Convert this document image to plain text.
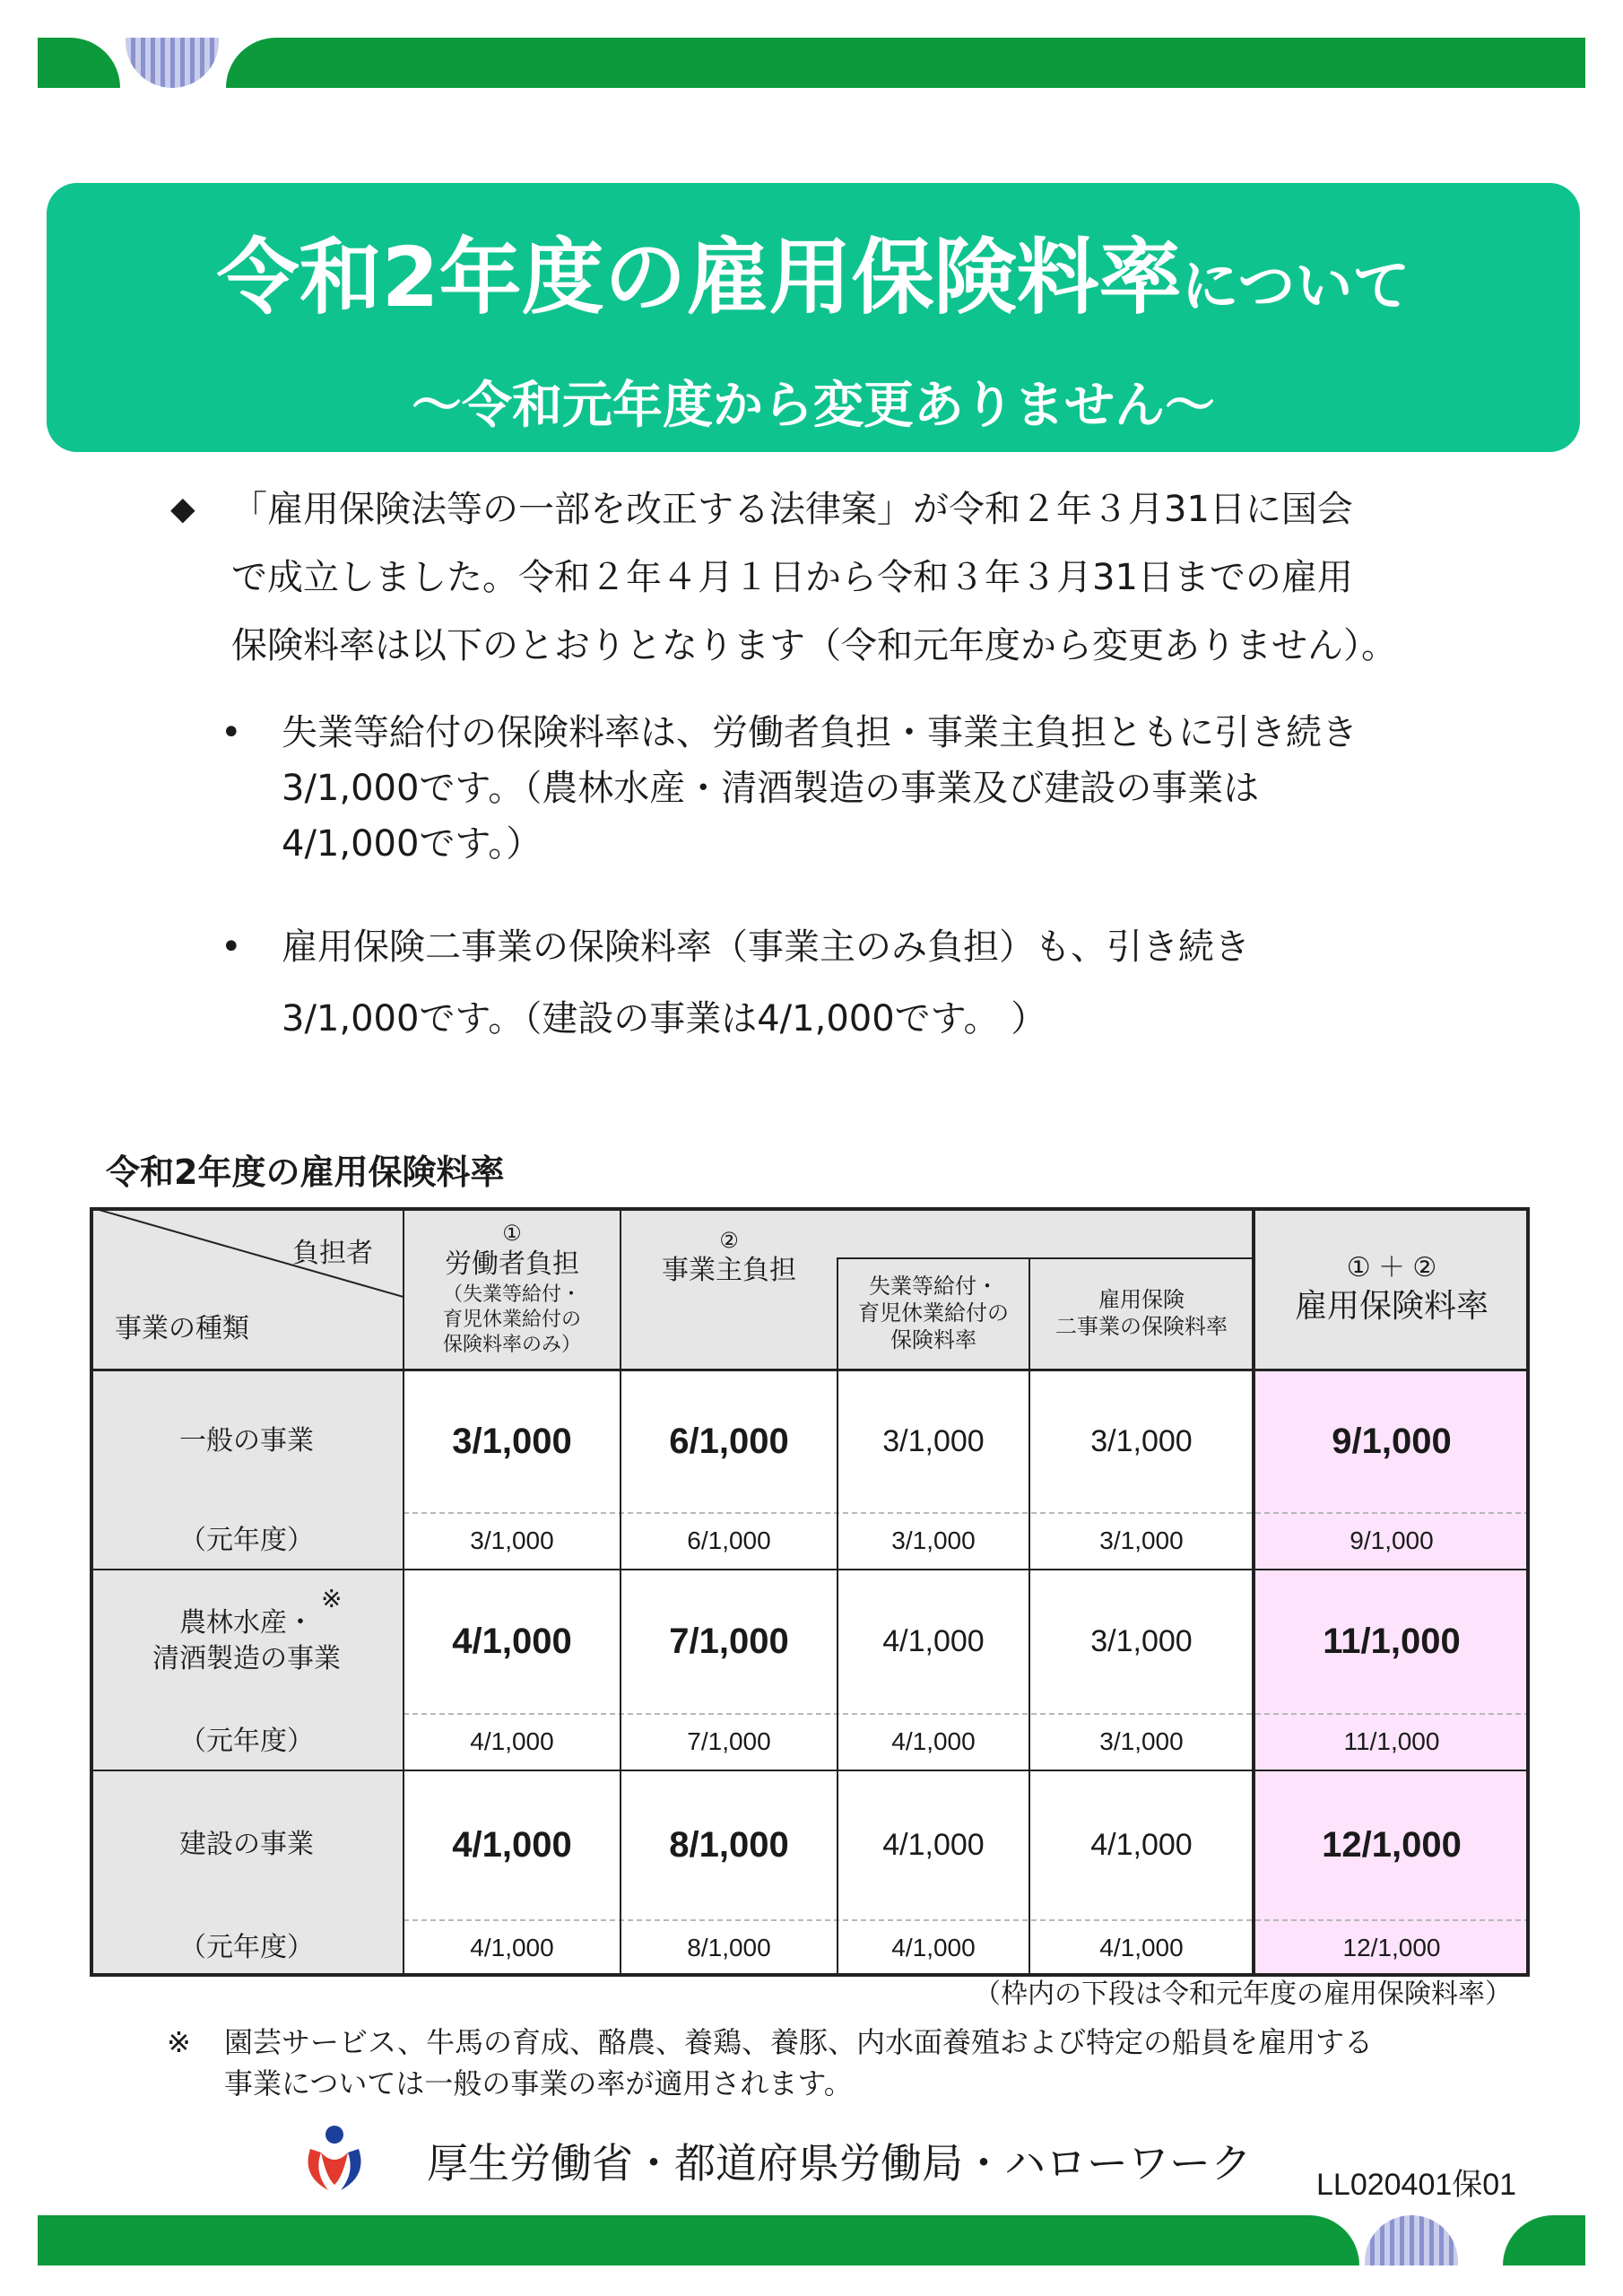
令和2年度の雇用保険料率について
〜令和元年度から変更ありません〜
◆ 「雇用保険法等の一部を改正する法律案」が令和２年３月31日に国会

で成立しました。令和２年４月１日から令和３年３月31日までの雇用

保険料率は以下のとおりとなります（令和元年度から変更ありません）。

• 失業等給付の保険料率は、労働者負担・事業主負担ともに引き続き

3/1,000です。（農林水産・清酒製造の事業及び建設の事業は

4/1,000です。）

• 雇用保険二事業の保険料率（事業主のみ負担）も、引き続き

3/1,000です。（建設の事業は4/1,000です。 ）

令和2年度の雇用保険料率
負担者
事業の種類
①
労働者負担
（失業等給付・
育児休業給付の
保険料率のみ）
②
事業主負担
失業等給付・
育児休業給付の
保険料率
雇用保険
二事業の保険料率
① ＋ ②
雇用保険料率
一般の事業
（元年度）
農林水産・
清酒製造の事業
※
（元年度）
建設の事業
（元年度）
3/1,000
3/1,000
6/1,000
6/1,000
3/1,000
3/1,000
3/1,000
3/1,000
9/1,000
9/1,000
4/1,000
4/1,000
7/1,000
7/1,000
4/1,000
4/1,000
3/1,000
3/1,000
11/1,000
11/1,000
4/1,000
4/1,000
8/1,000
8/1,000
4/1,000
4/1,000
4/1,000
4/1,000
12/1,000
12/1,000
（枠内の下段は令和元年度の雇用保険料率）
※ 園芸サービス、牛馬の育成、酪農、養鶏、養豚、内水面養殖および特定の船員を雇用する

事業については一般の事業の率が適用されます。

厚生労働省・都道府県労働局・ハローワーク LL020401保01
